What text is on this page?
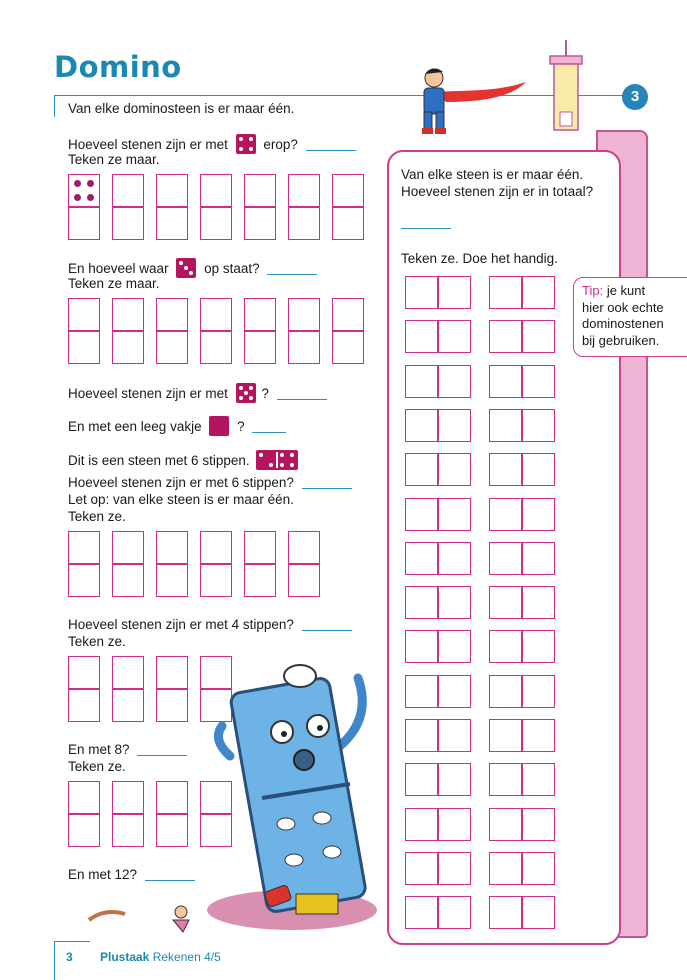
Domino
3
Van elke dominosteen is er maar één.
Hoeveel stenen zijn er met	erop?
Teken ze maar.
En hoeveel waar	op staat?
Teken ze maar.
Hoeveel stenen zijn er met ?
En met een leeg vakje	?
Dit is een steen met 6 stippen.
Hoeveel stenen zijn er met 6 stippen?
Let op: van elke steen is er maar één.
Teken ze.
Hoeveel stenen zijn er met 4 stippen?
Teken ze.
En met 8?
Teken ze.
En met 12?
Van elke steen is er maar één.
Hoeveel stenen zijn er in totaal?
Teken ze. Doe het handig.
Tip: je kunt
hier ook echte
dominostenen
bij gebruiken.
3 Plustaak Rekenen 4/5
